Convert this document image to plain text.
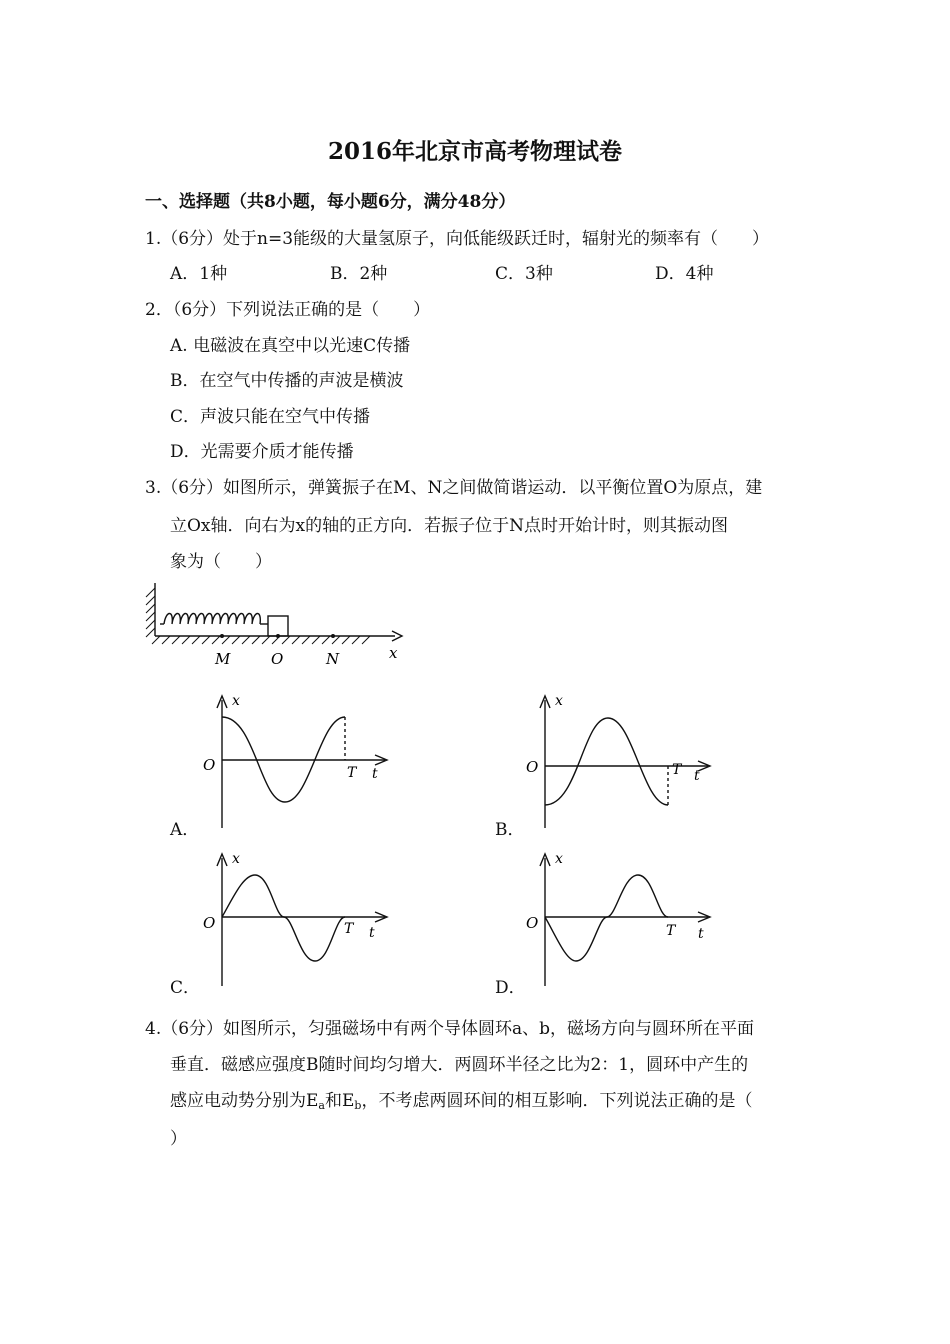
2016年北京市高考物理试卷
一、选择题（共8小题，每小题6分，满分48分）
1.（6分）处于n=3能级的大量氢原子，向低能级跃迁时，辐射光的频率有（　　）
A．1种	B．2种	C．3种	D．4种
2．（6分）下列说法正确的是（　　）
A. 电磁波在真空中以光速C传播
B．在空气中传播的声波是横波
C．声波只能在空气中传播
D．光需要介质才能传播
3.（6分）如图所示，弹簧振子在M、N之间做简谐运动．以平衡位置O为原点，建
立Ox轴．向右为x的轴的正方向．若振子位于N点时开始计时，则其振动图
象为（　　）
M	O	N	x
x
O	T t
A．
x
O	T t
B．
x
O	T t
C．
x
O	T t
D．
4.（6分）如图所示，匀强磁场中有两个导体圆环a、b，磁场方向与圆环所在平面
垂直．磁感应强度B随时间均匀增大．两圆环半径之比为2：1，圆环中产生的
感应电动势分别为$E_a$和$E_b$，不考虑两圆环间的相互影响．下列说法正确的是（
）
